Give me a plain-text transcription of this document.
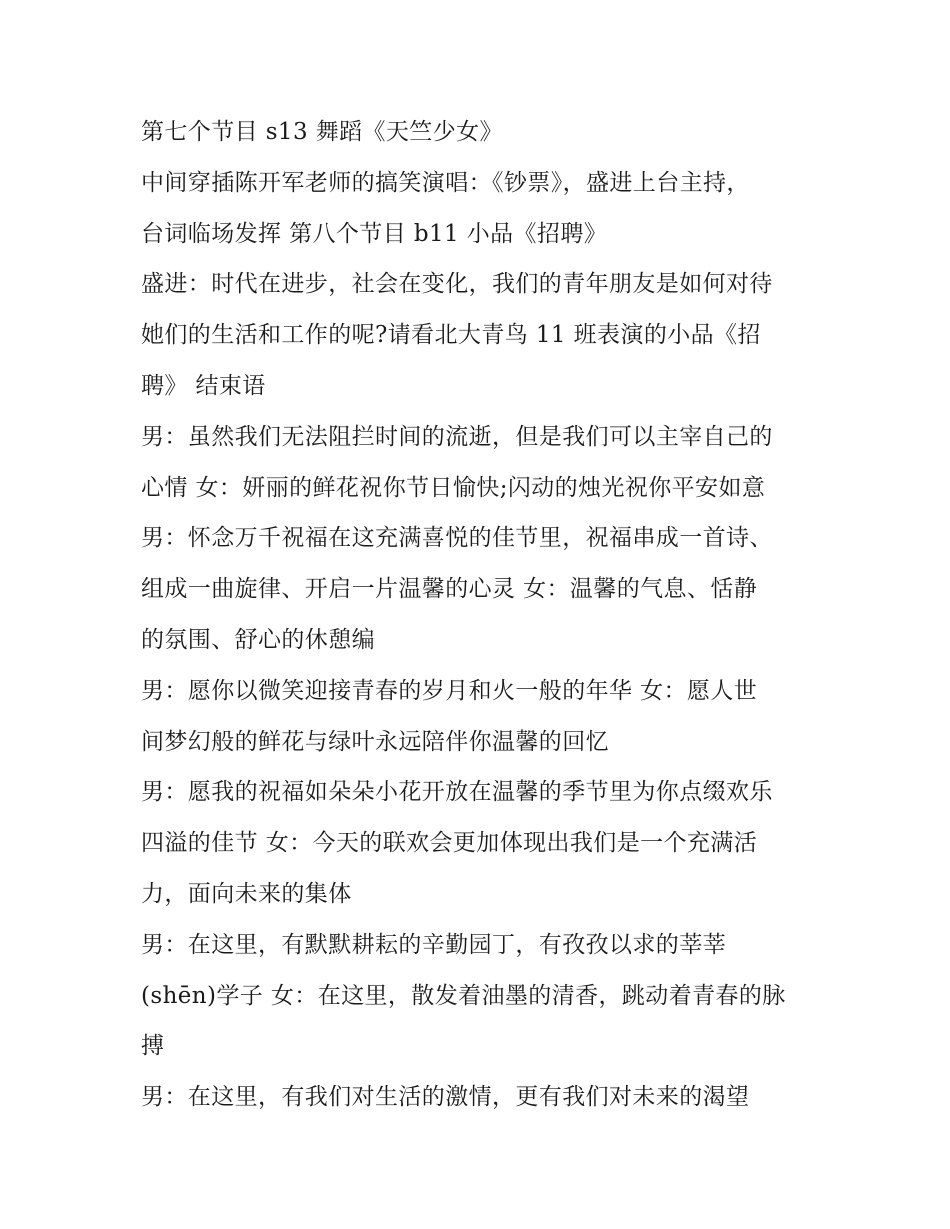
第七个节目 s13 舞蹈《天竺少女》
中间穿插陈开军老师的搞笑演唱：《钞票》，盛进上台主持，
台词临场发挥 第八个节目 b11 小品《招聘》
盛进：时代在进步，社会在变化，我们的青年朋友是如何对待
她们的生活和工作的呢?请看北大青鸟 11 班表演的小品《招
聘》 结束语
男：虽然我们无法阻拦时间的流逝，但是我们可以主宰自己的
心情 女：妍丽的鲜花祝你节日愉快;闪动的烛光祝你平安如意
男：怀念万千祝福在这充满喜悦的佳节里，祝福串成一首诗、
组成一曲旋律、开启一片温馨的心灵 女：温馨的气息、恬静
的氛围、舒心的休憩编
男：愿你以微笑迎接青春的岁月和火一般的年华 女：愿人世
间梦幻般的鲜花与绿叶永远陪伴你温馨的回忆
男：愿我的祝福如朵朵小花开放在温馨的季节里为你点缀欢乐
四溢的佳节 女：今天的联欢会更加体现出我们是一个充满活
力，面向未来的集体
男：在这里，有默默耕耘的辛勤园丁，有孜孜以求的莘莘
(shēn)学子 女：在这里，散发着油墨的清香，跳动着青春的脉
搏
男：在这里，有我们对生活的激情，更有我们对未来的渴望
